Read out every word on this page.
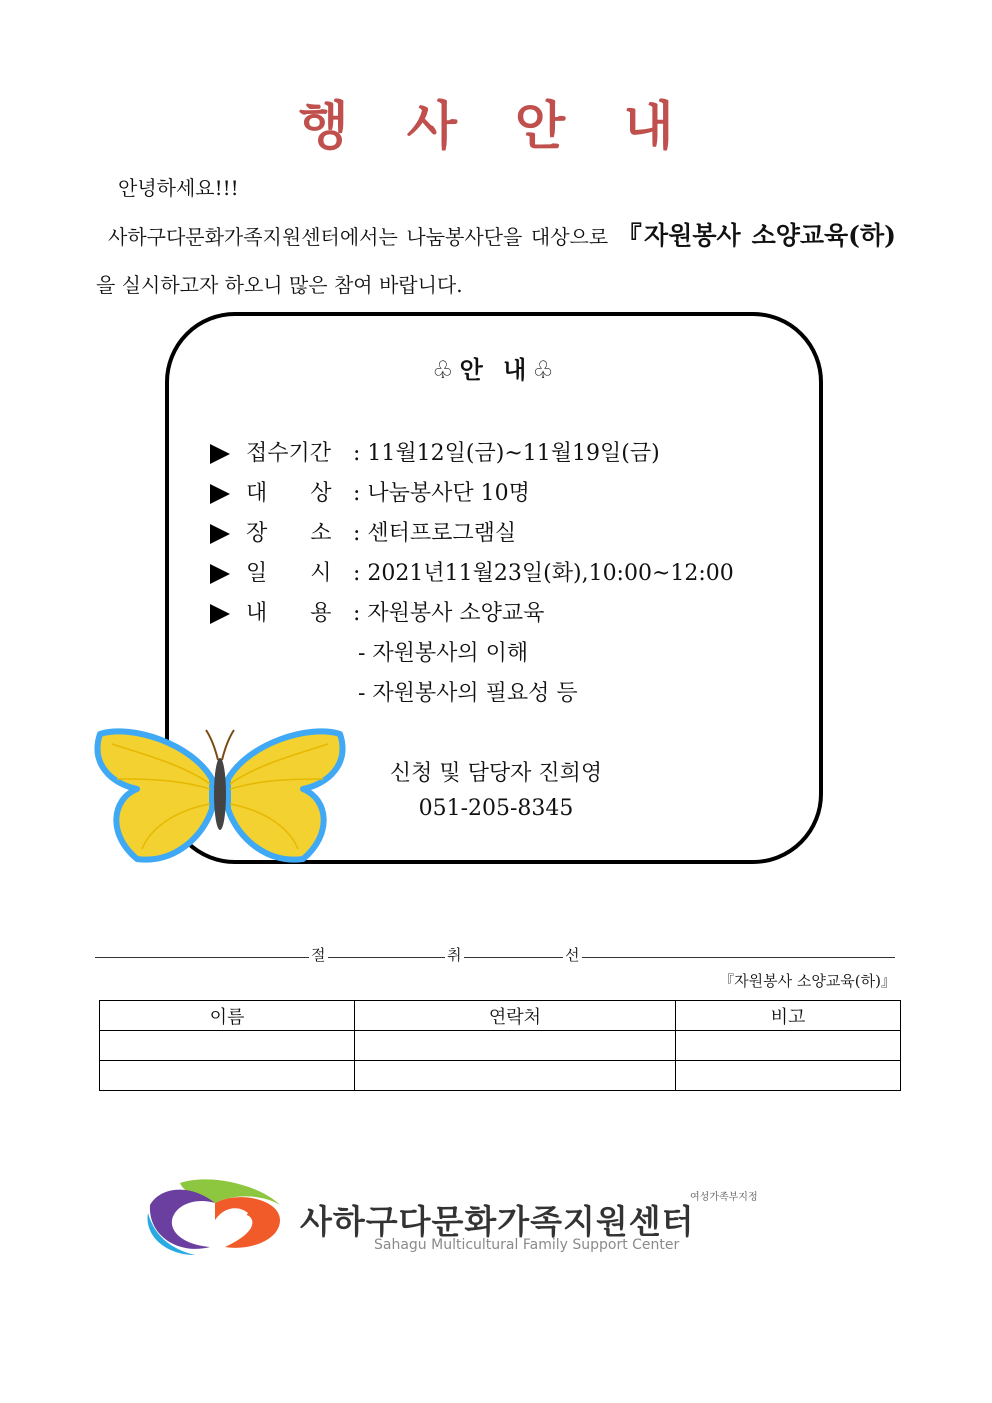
행 사 안 내
안녕하세요!!!
사하구다문화가족지원센터에서는 나눔봉사단을 대상으로 『자원봉사 소양교육(하)을 실시하고자 하오니 많은 참여 바랍니다.
♧안 내♧
접수기간 : 11월12일(금)~11월19일(금)
대 상 : 나눔봉사단 10명
장 소 : 센터프로그램실
일 시 : 2021년11월23일(화),10:00~12:00
내 용 : 자원봉사 소양교육
- 자원봉사의 이해
- 자원봉사의 필요성 등
신청 및 담당자 진희영
051-205-8345
절	취	선
『자원봉사 소양교육(하)』
이름	연락처	비고

여성가족부지정
사하구다문화가족지원센터
Sahagu Multicultural Family Support Center
